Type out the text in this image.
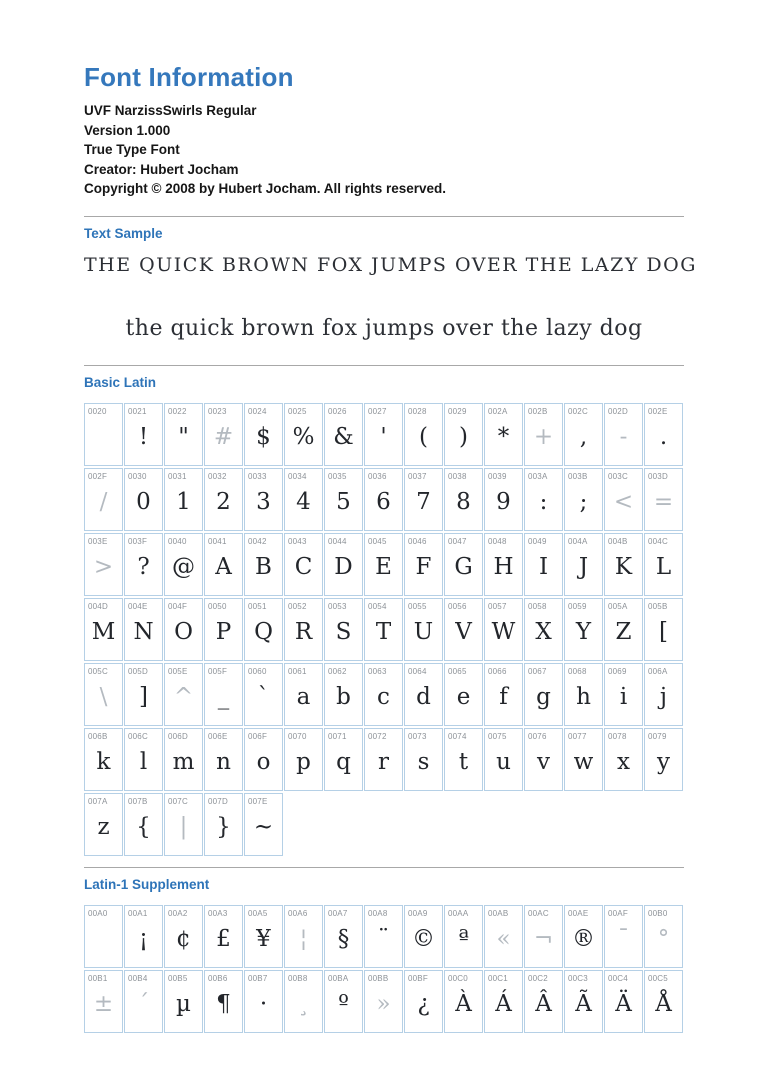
Font Information
UVF NarzissSwirls Regular
Version 1.000
True Type Font
Creator: Hubert Jocham
Copyright © 2008 by Hubert Jocham. All rights reserved.
Text Sample
THE QUICK BROWN FOX JUMPS OVER THE LAZY DOG
the quick brown fox jumps over the lazy dog
Basic Latin
0020	0021
!
0022
"
0023
#
0024
$
0025
%
0026
&
0027
'
0028
(
0029
)
002A
*
002B
+
002C
,
002D
-
002E
.
002F
/
0030
0
0031
1
0032
2
0033
3
0034
4
0035
5
0036
6
0037
7
0038
8
0039
9
003A
:
003B
;
003C
<
003D
=
003E
>
003F
?
0040
@
0041
A
0042
B
0043
C
0044
D
0045
E
0046
F
0047
G
0048
H
0049
I
004A
J
004B
K
004C
L
004D
M
004E
N
004F
O
0050
P
0051
Q
0052
R
0053
S
0054
T
0055
U
0056
V
0057
W
0058
X
0059
Y
005A
Z
005B
[
005C
\
005D
]
005E
^
005F
_
0060
`
0061
a
0062
b
0063
c
0064
d
0065
e
0066
f
0067
g
0068
h
0069
i
006A
j
006B
k
006C
l
006D
m
006E
n
006F
o
0070
p
0071
q
0072
r
0073
s
0074
t
0075
u
0076
v
0077
w
0078
x
0079
y
007A
z
007B
{
007C
|
007D
}
007E
~
Latin-1 Supplement
00A0	00A1
¡
00A2
¢
00A3
£
00A5
¥
00A6
¦
00A7
§
00A8
¨
00A9
©
00AA
ª
00AB
«
00AC
¬
00AE
®
00AF
¯
00B0
°
00B1
±
00B4
´
00B5
µ
00B6
¶
00B7
·
00B8
¸
00BA
º
00BB
»
00BF
¿
00C0
À
00C1
Á
00C2
Â
00C3
Ã
00C4
Ä
00C5
Å
